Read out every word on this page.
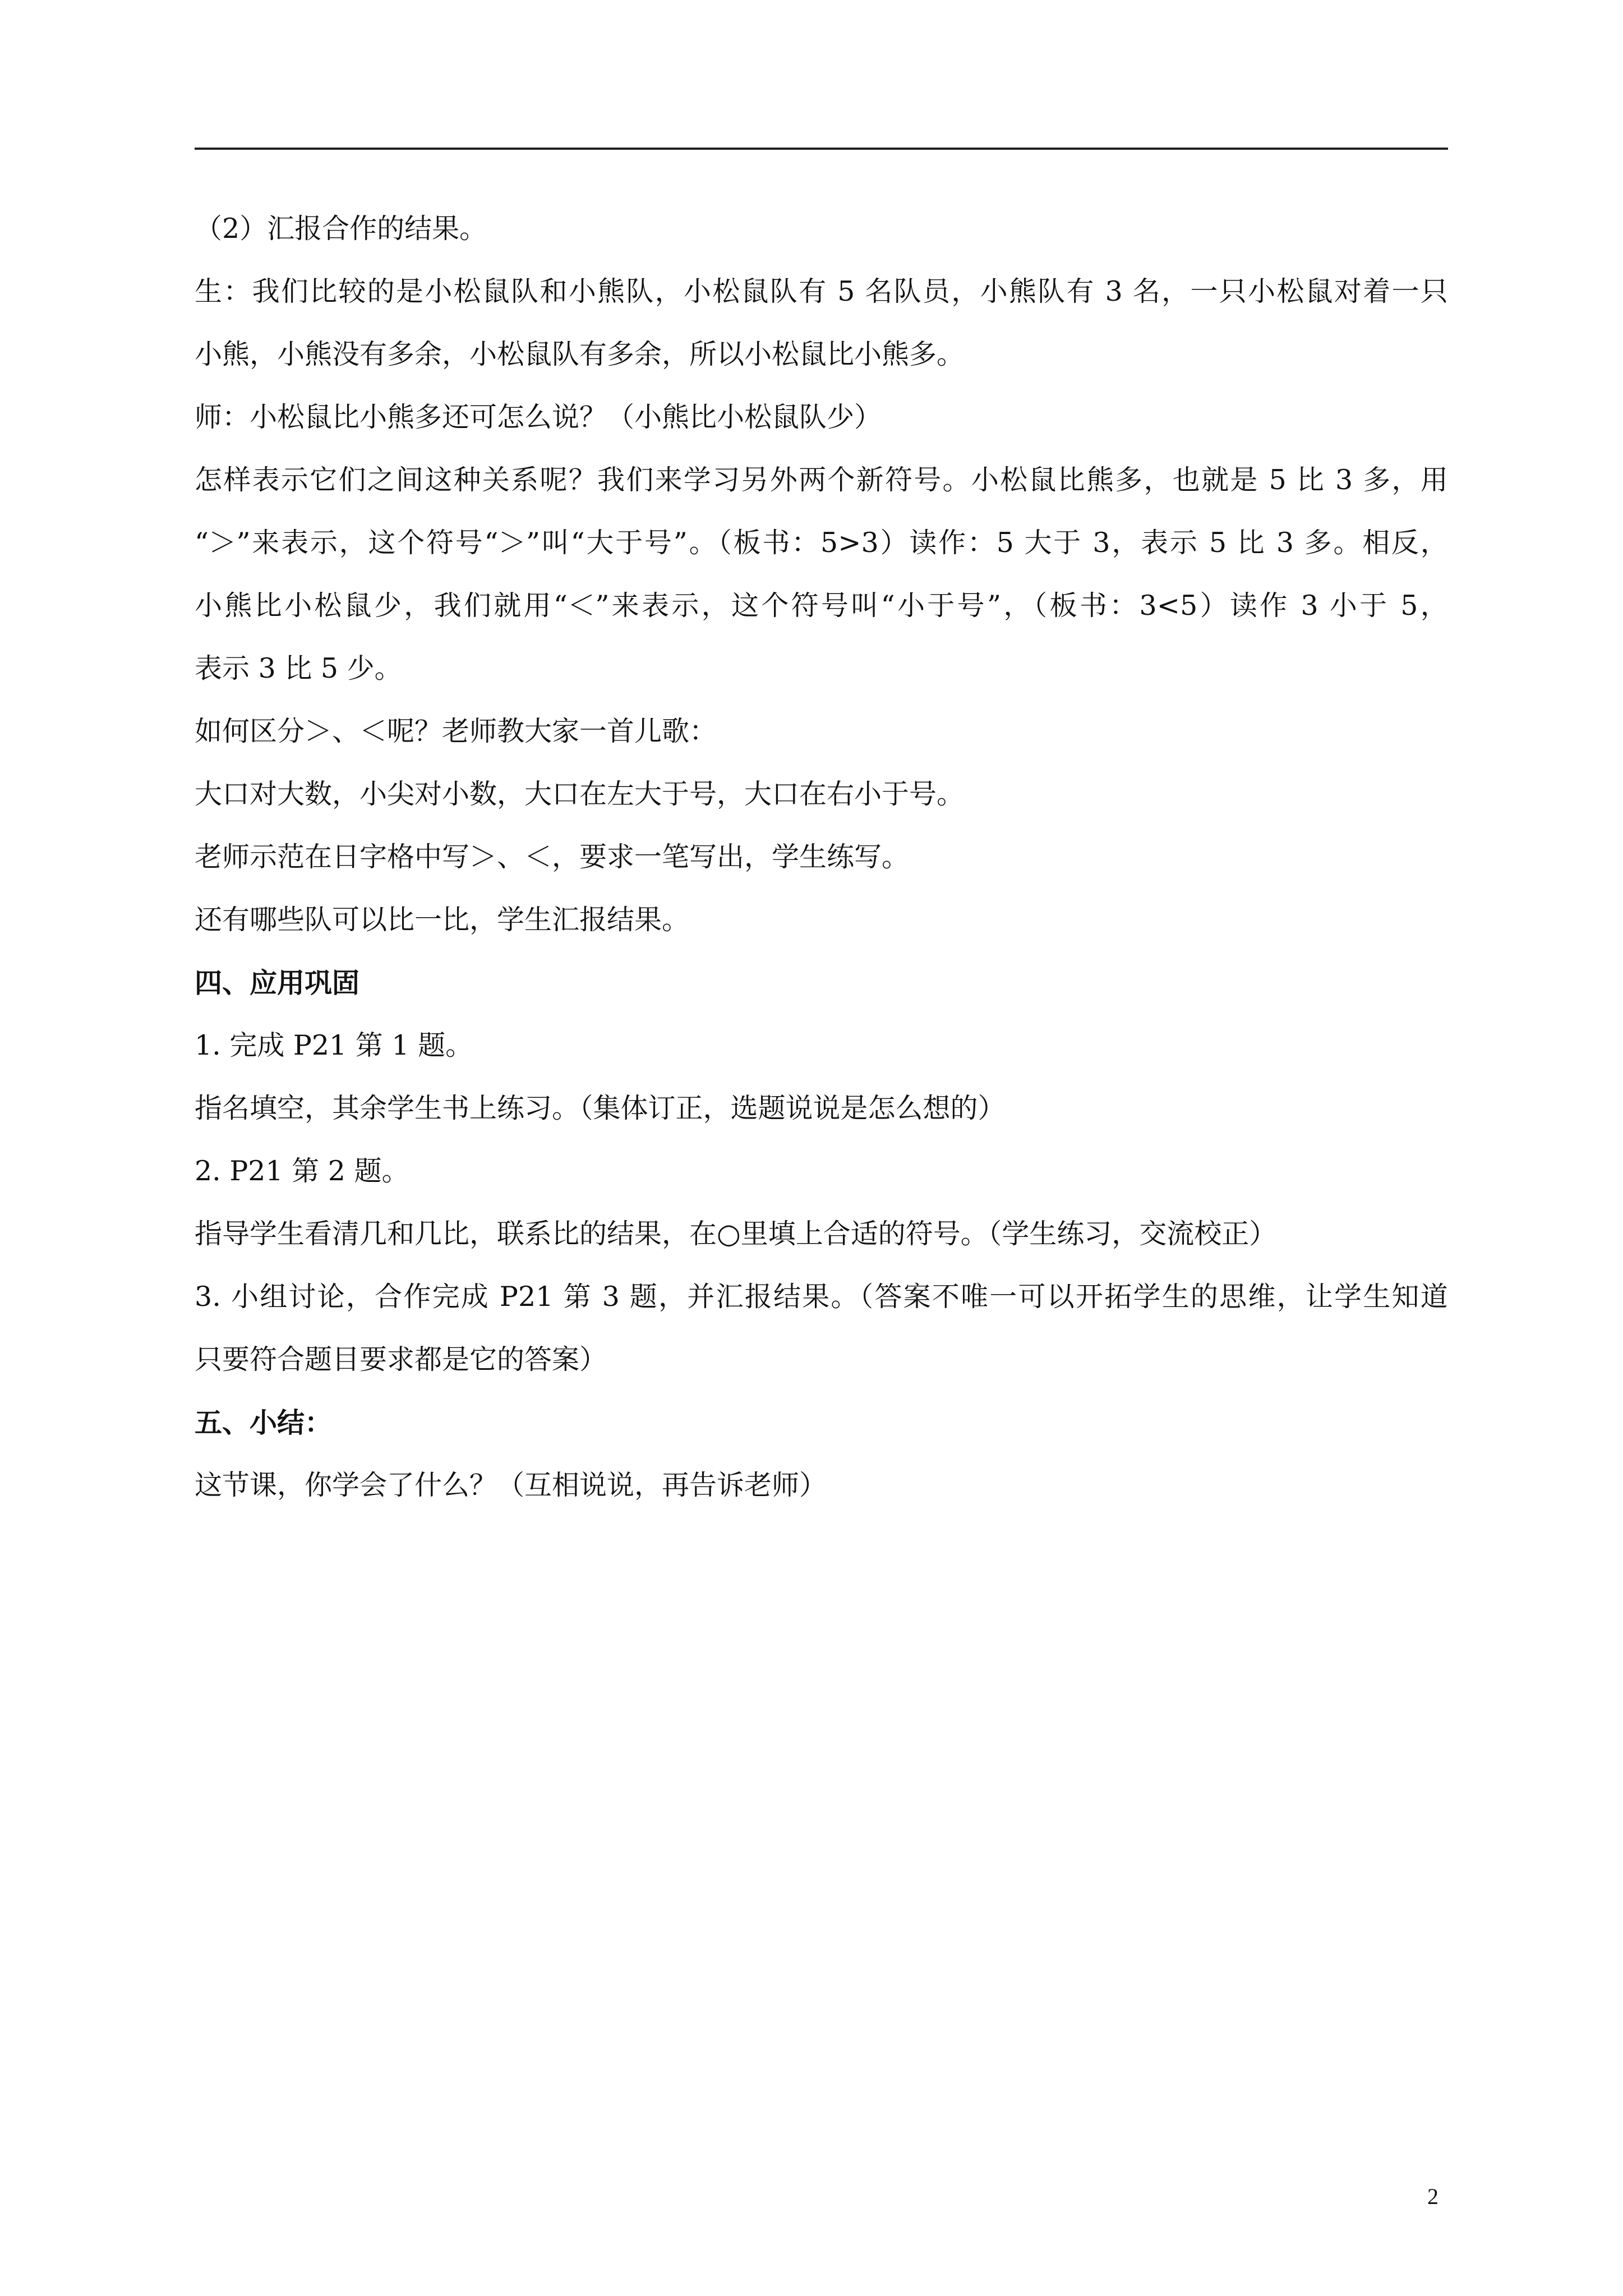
（2）汇报合作的结果。
生：我们比较的是小松鼠队和小熊队，小松鼠队有 5 名队员，小熊队有 3 名，一只小松鼠对着一只
小熊，小熊没有多余，小松鼠队有多余，所以小松鼠比小熊多。
师：小松鼠比小熊多还可怎么说？（小熊比小松鼠队少）
怎样表示它们之间这种关系呢？我们来学习另外两个新符号。小松鼠比熊多，也就是 5 比 3 多，用
“＞”来表示，这个符号“＞”叫“大于号”。（板书：5>3）读作：5 大于 3，表示 5 比 3 多。相反，
小熊比小松鼠少，我们就用“＜”来表示，这个符号叫“小于号”，（板书：3<5）读作 3 小于 5，
表示 3 比 5 少。
如何区分＞、＜呢？老师教大家一首儿歌：
大口对大数，小尖对小数，大口在左大于号，大口在右小于号。
老师示范在日字格中写＞、＜，要求一笔写出，学生练写。
还有哪些队可以比一比，学生汇报结果。
四、应用巩固
1. 完成 P21 第 1 题。
指名填空，其余学生书上练习。（集体订正，选题说说是怎么想的）
2. P21 第 2 题。
指导学生看清几和几比，联系比的结果，在○里填上合适的符号。（学生练习，交流校正）
3. 小组讨论，合作完成 P21 第 3 题，并汇报结果。（答案不唯一可以开拓学生的思维，让学生知道
只要符合题目要求都是它的答案）
五、小结：
这节课，你学会了什么？（互相说说，再告诉老师）
2
